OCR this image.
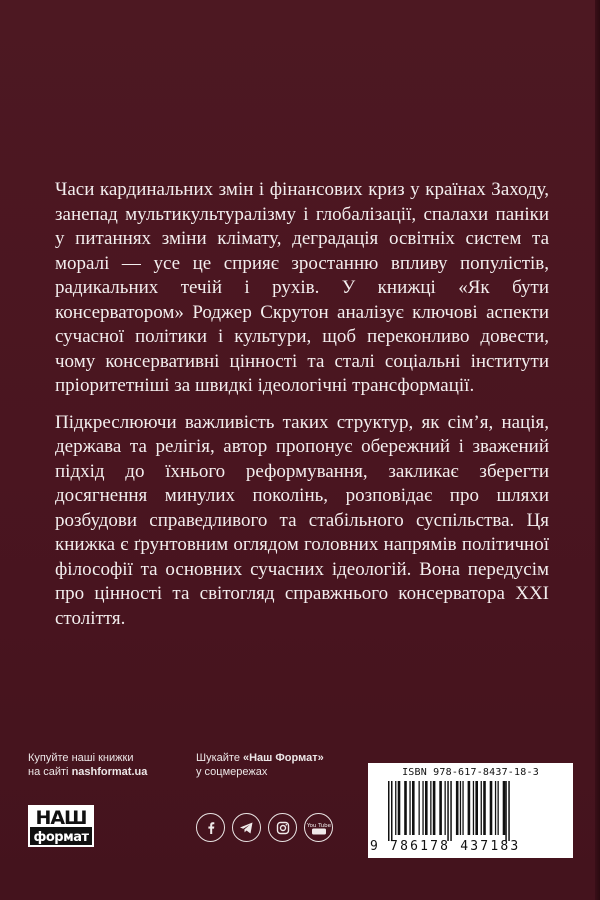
Часи кардинальних змін і фінансових криз у країнах Заходу, занепад мультикультуралізму і глобалізації, спалахи паніки у питаннях зміни клімату, деградація освітніх систем та моралі — усе це сприяє зростанню впливу популістів, радикальних течій і рухів. У книжці «Як бути консерватором» Роджер Скрутон аналізує ключові аспекти сучасної політики і культури, щоб переконливо довести, чому консервативні цінності та сталі соціальні інститути пріоритетніші за швидкі ідеологічні трансформації.

Підкреслюючи важливість таких структур, як сім’я, нація, держава та релігія, автор пропонує обережний і зважений підхід до їхнього реформування, закликає зберегти досягнення минулих поколінь, розповідає про шляхи розбудови справедливого та стабільного суспільства. Ця книжка є ґрунтовним оглядом головних напрямів політичної філософії та основних сучасних ідеологій. Вона передусім про цінності та світогляд справжнього консерватора XXI століття.

Купуйте наші книжки
на сайті nashformat.ua
НАШ
формат
Шукайте «Наш Формат»
у соцмережах
You Tube
ISBN 978-617-8437-18-3
9 786178 437183
